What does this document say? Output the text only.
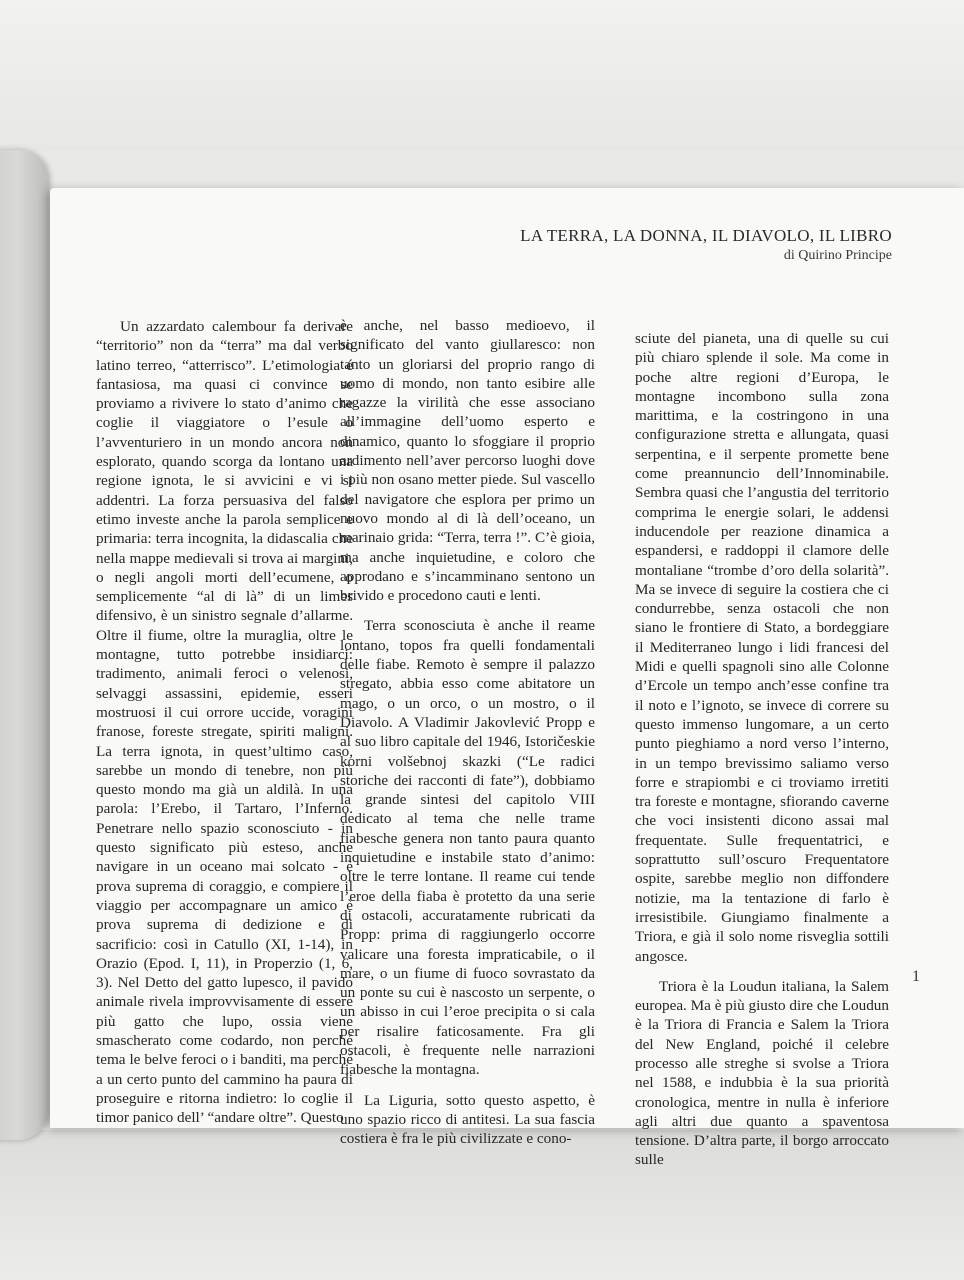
LA TERRA, LA DONNA, IL DIAVOLO, IL LIBRO
di Quirino Principe

Un azzardato calembour fa derivare “territorio” non da “terra” ma dal verbo latino terreo, “atterrisco”. L’etimologia é fantasiosa, ma quasi ci convince se proviamo a rivivere lo stato d’animo che coglie il viaggiatore o l’esule o l’avventuriero in un mondo ancora non esplorato, quando scorga da lontano una regione ignota, le si avvicini e vi si addentri. La forza persuasiva del falso etimo investe anche la parola semplice e primaria: terra incognita, la didascalia che nella mappe medievali si trova ai margini, o negli angoli morti dell’ecumene, o semplicemente “al di là” di un limes difensivo, è un sinistro segnale d’allarme. Oltre il fiume, oltre la muraglia, oltre le montagne, tutto potrebbe insidiarci: tradimento, animali feroci o velenosi, selvaggi assassini, epidemie, esseri mostruosi il cui orrore uccide, voragini franose, foreste stregate, spiriti maligni. La terra ignota, in quest’ultimo caso, sarebbe un mondo di tenebre, non più questo mondo ma già un aldilà. In una parola: l’Erebo, il Tartaro, l’Inferno. Penetrare nello spazio sconosciuto - in questo significato più esteso, anche navigare in un oceano mai solcato - è prova suprema di coraggio, e compiere il viaggio per accompagnare un amico è prova suprema di dedizione e di sacrificio: così in Catullo (XI, 1-14), in Orazio (Epod. I, 11), in Properzio (1, 6, 3). Nel Detto del gatto lupesco, il pavido animale rivela improvvisamente di essere più gatto che lupo, ossia viene smascherato come codardo, non perché tema le belve feroci o i banditi, ma perché a un certo punto del cammino ha paura di proseguire e ritorna indietro: lo coglie il timor panico dell’ “andare oltre”. Questo

è anche, nel basso medioevo, il significato del vanto giullaresco: non tanto un gloriarsi del proprio rango di uomo di mondo, non tanto esibire alle ragazze la virilità che esse associano all’immagine dell’uomo esperto e dinamico, quanto lo sfoggiare il proprio ardimento nell’aver percorso luoghi dove i più non osano metter piede. Sul vascello del navigatore che esplora per primo un nuovo mondo al di là dell’oceano, un marinaio grida: “Terra, terra !”. C’è gioia, ma anche inquietudine, e coloro che approdano e s’incamminano sentono un brivido e procedono cauti e lenti.

Terra sconosciuta è anche il reame lontano, topos fra quelli fondamentali delle fiabe. Remoto è sempre il palazzo stregato, abbia esso come abitatore un mago, o un orco, o un mostro, o il Diavolo. A Vladimir Jakovlević Propp e al suo libro capitale del 1946, Istoričeskie korni volšebnoj skazki (“Le radici storiche dei racconti di fate”), dobbiamo la grande sintesi del capitolo VIII dedicato al tema che nelle trame fiabesche genera non tanto paura quanto inquietudine e instabile stato d’animo: oltre le terre lontane. Il reame cui tende l’eroe della fiaba è protetto da una serie di ostacoli, accuratamente rubricati da Propp: prima di raggiungerlo occorre valicare una foresta impraticabile, o il mare, o un fiume di fuoco sovrastato da un ponte su cui è nascosto un serpente, o un abisso in cui l’eroe precipita o si cala per risalire faticosamente. Fra gli ostacoli, è frequente nelle narrazioni fiabesche la montagna.

La Liguria, sotto questo aspetto, è uno spazio ricco di antitesi. La sua fascia costiera è fra le più civilizzate e cono-

sciute del pianeta, una di quelle su cui più chiaro splende il sole. Ma come in poche altre regioni d’Europa, le montagne incombono sulla zona marittima, e la costringono in una configurazione stretta e allungata, quasi serpentina, e il serpente promette bene come preannuncio dell’Innominabile. Sembra quasi che l’angustia del territorio comprima le energie solari, le addensi inducendole per reazione dinamica a espandersi, e raddoppi il clamore delle montaliane “trombe d’oro della solarità”. Ma se invece di seguire la costiera che ci condurrebbe, senza ostacoli che non siano le frontiere di Stato, a bordeggiare il Mediterraneo lungo i lidi francesi del Midi e quelli spagnoli sino alle Colonne d’Ercole un tempo anch’esse confine tra il noto e l’ignoto, se invece di correre su questo immenso lungomare, a un certo punto pieghiamo a nord verso l’interno, in un tempo brevissimo saliamo verso forre e strapiombi e ci troviamo irretiti tra foreste e montagne, sfiorando caverne che voci insistenti dicono assai mal frequentate. Sulle frequentatrici, e soprattutto sull’oscuro Frequentatore ospite, sarebbe meglio non diffondere notizie, ma la tentazione di farlo è irresistibile. Giungiamo finalmente a Triora, e già il solo nome risveglia sottili angosce.

Triora è la Loudun italiana, la Salem europea. Ma è più giusto dire che Loudun è la Triora di Francia e Salem la Triora del New England, poiché il celebre processo alle streghe si svolse a Triora nel 1588, e indubbia è la sua priorità cronologica, mentre in nulla è inferiore agli altri due quanto a spaventosa tensione. D’altra parte, il borgo arroccato sulle

1
